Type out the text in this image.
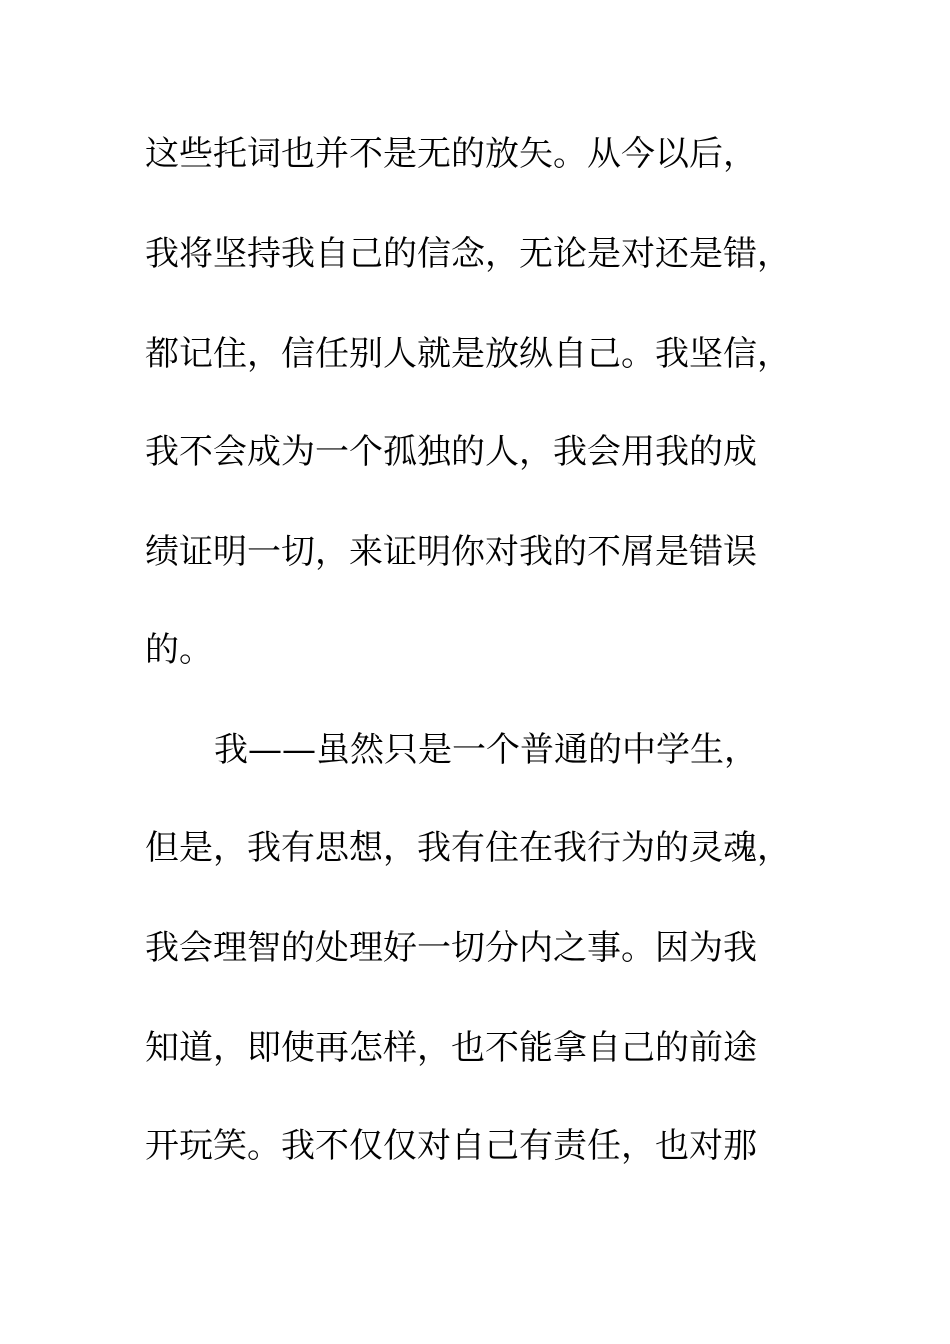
这些托词也并不是无的放矢。从今以后，
我将坚持我自己的信念，无论是对还是错，
都记住，信任别人就是放纵自己。我坚信，
我不会成为一个孤独的人，我会用我的成
绩证明一切，来证明你对我的不屑是错误
的。
我——虽然只是一个普通的中学生，
但是，我有思想，我有住在我行为的灵魂，
我会理智的处理好一切分内之事。因为我
知道，即使再怎样，也不能拿自己的前途
开玩笑。我不仅仅对自己有责任，也对那
